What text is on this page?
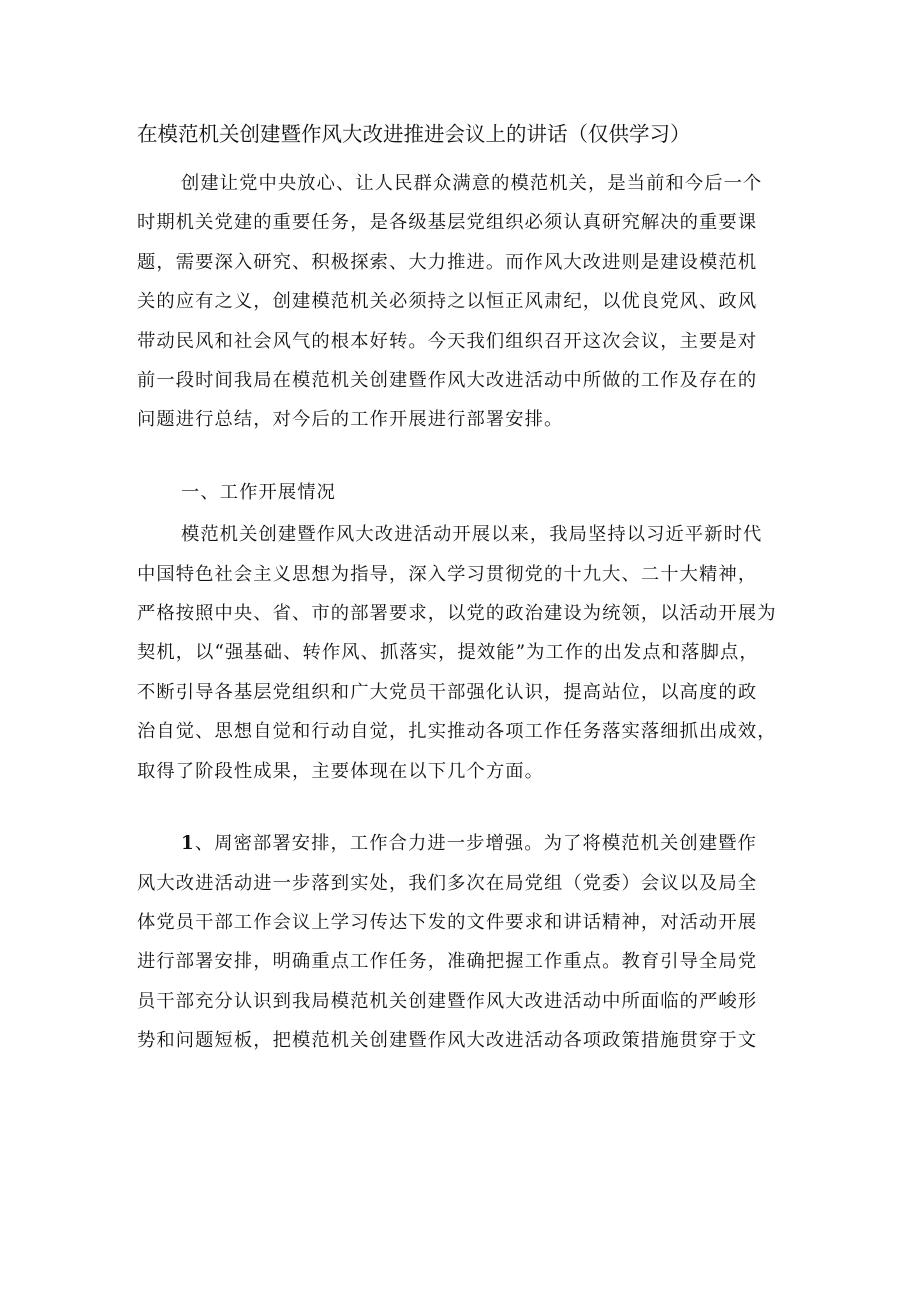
在模范机关创建暨作风大改进推进会议上的讲话（仅供学习）

创建让党中央放心、让人民群众满意的模范机关，是当前和今后一个
时期机关党建的重要任务，是各级基层党组织必须认真研究解决的重要课
题，需要深入研究、积极探索、大力推进。而作风大改进则是建设模范机
关的应有之义，创建模范机关必须持之以恒正风肃纪，以优良党风、政风
带动民风和社会风气的根本好转。今天我们组织召开这次会议，主要是对
前一段时间我局在模范机关创建暨作风大改进活动中所做的工作及存在的
问题进行总结，对今后的工作开展进行部署安排。

一、工作开展情况

模范机关创建暨作风大改进活动开展以来，我局坚持以习近平新时代
中国特色社会主义思想为指导，深入学习贯彻党的十九大、二十大精神，
严格按照中央、省、市的部署要求，以党的政治建设为统领，以活动开展为
契机，以“强基础、转作风、抓落实，提效能”为工作的出发点和落脚点，
不断引导各基层党组织和广大党员干部强化认识，提高站位，以高度的政
治自觉、思想自觉和行动自觉，扎实推动各项工作任务落实落细抓出成效，
取得了阶段性成果，主要体现在以下几个方面。

1、周密部署安排，工作合力进一步增强。为了将模范机关创建暨作
风大改进活动进一步落到实处，我们多次在局党组（党委）会议以及局全
体党员干部工作会议上学习传达下发的文件要求和讲话精神，对活动开展
进行部署安排，明确重点工作任务，准确把握工作重点。教育引导全局党
员干部充分认识到我局模范机关创建暨作风大改进活动中所面临的严峻形
势和问题短板，把模范机关创建暨作风大改进活动各项政策措施贯穿于文
